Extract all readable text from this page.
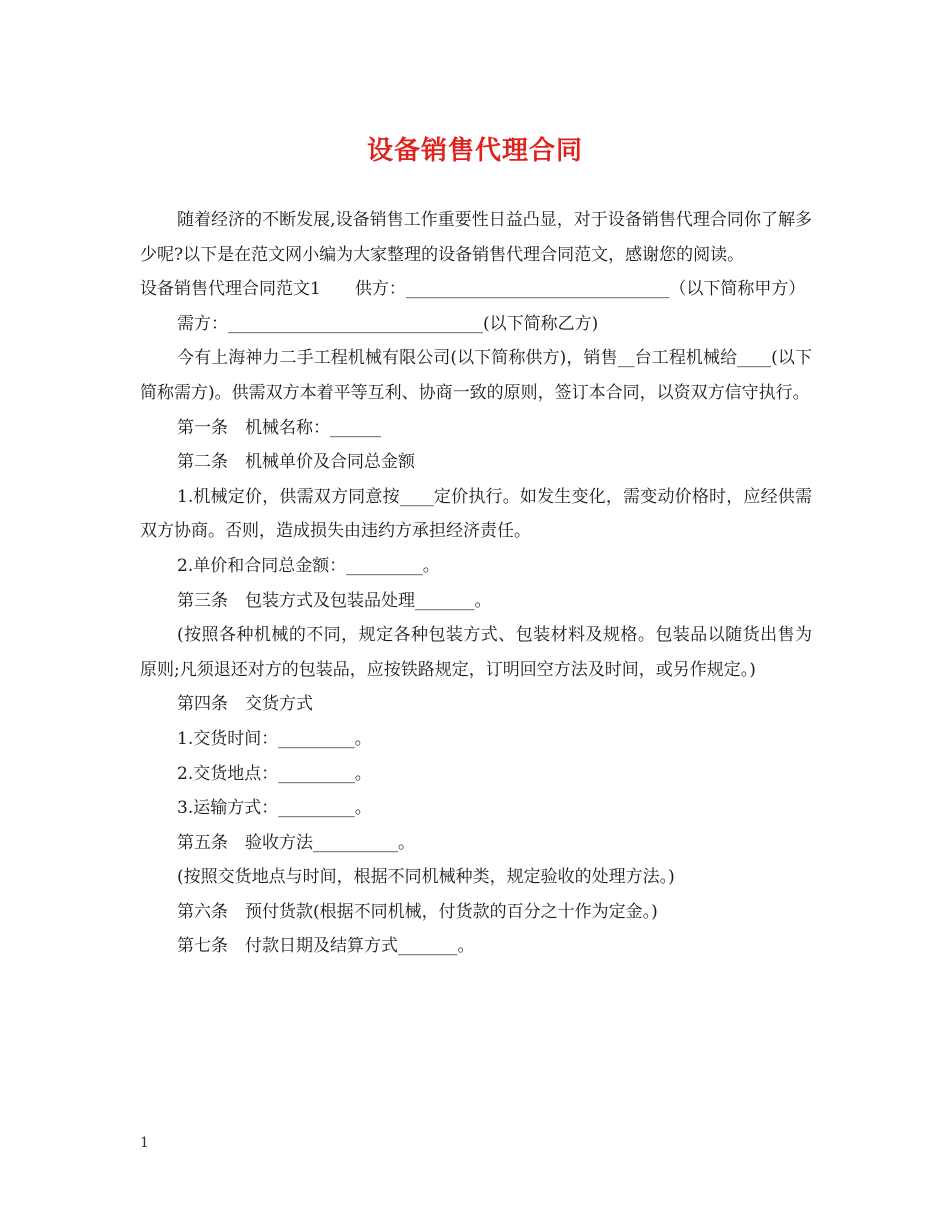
设备销售代理合同

随着经济的不断发展,设备销售工作重要性日益凸显，对于设备销售代理合同你了解多少呢?以下是在范文网小编为大家整理的设备销售代理合同范文，感谢您的阅读。

设备销售代理合同范文1　　供方：_______________________________（以下简称甲方）

需方：______________________________(以下简称乙方)

今有上海神力二手工程机械有限公司(以下简称供方)，销售__台工程机械给____(以下简称需方)。供需双方本着平等互利、协商一致的原则，签订本合同，以资双方信守执行。

第一条　机械名称：______

第二条　机械单价及合同总金额

1.机械定价，供需双方同意按____定价执行。如发生变化，需变动价格时，应经供需双方协商。否则，造成损失由违约方承担经济责任。

2.单价和合同总金额：_________。

第三条　包装方式及包装品处理_______。

(按照各种机械的不同，规定各种包装方式、包装材料及规格。包装品以随货出售为原则;凡须退还对方的包装品，应按铁路规定，订明回空方法及时间，或另作规定。)

第四条　交货方式

1.交货时间：_________。

2.交货地点：_________。

3.运输方式：_________。

第五条　验收方法__________。

(按照交货地点与时间，根据不同机械种类，规定验收的处理方法。)

第六条　预付货款(根据不同机械，付货款的百分之十作为定金。)

第七条　付款日期及结算方式_______。

1
